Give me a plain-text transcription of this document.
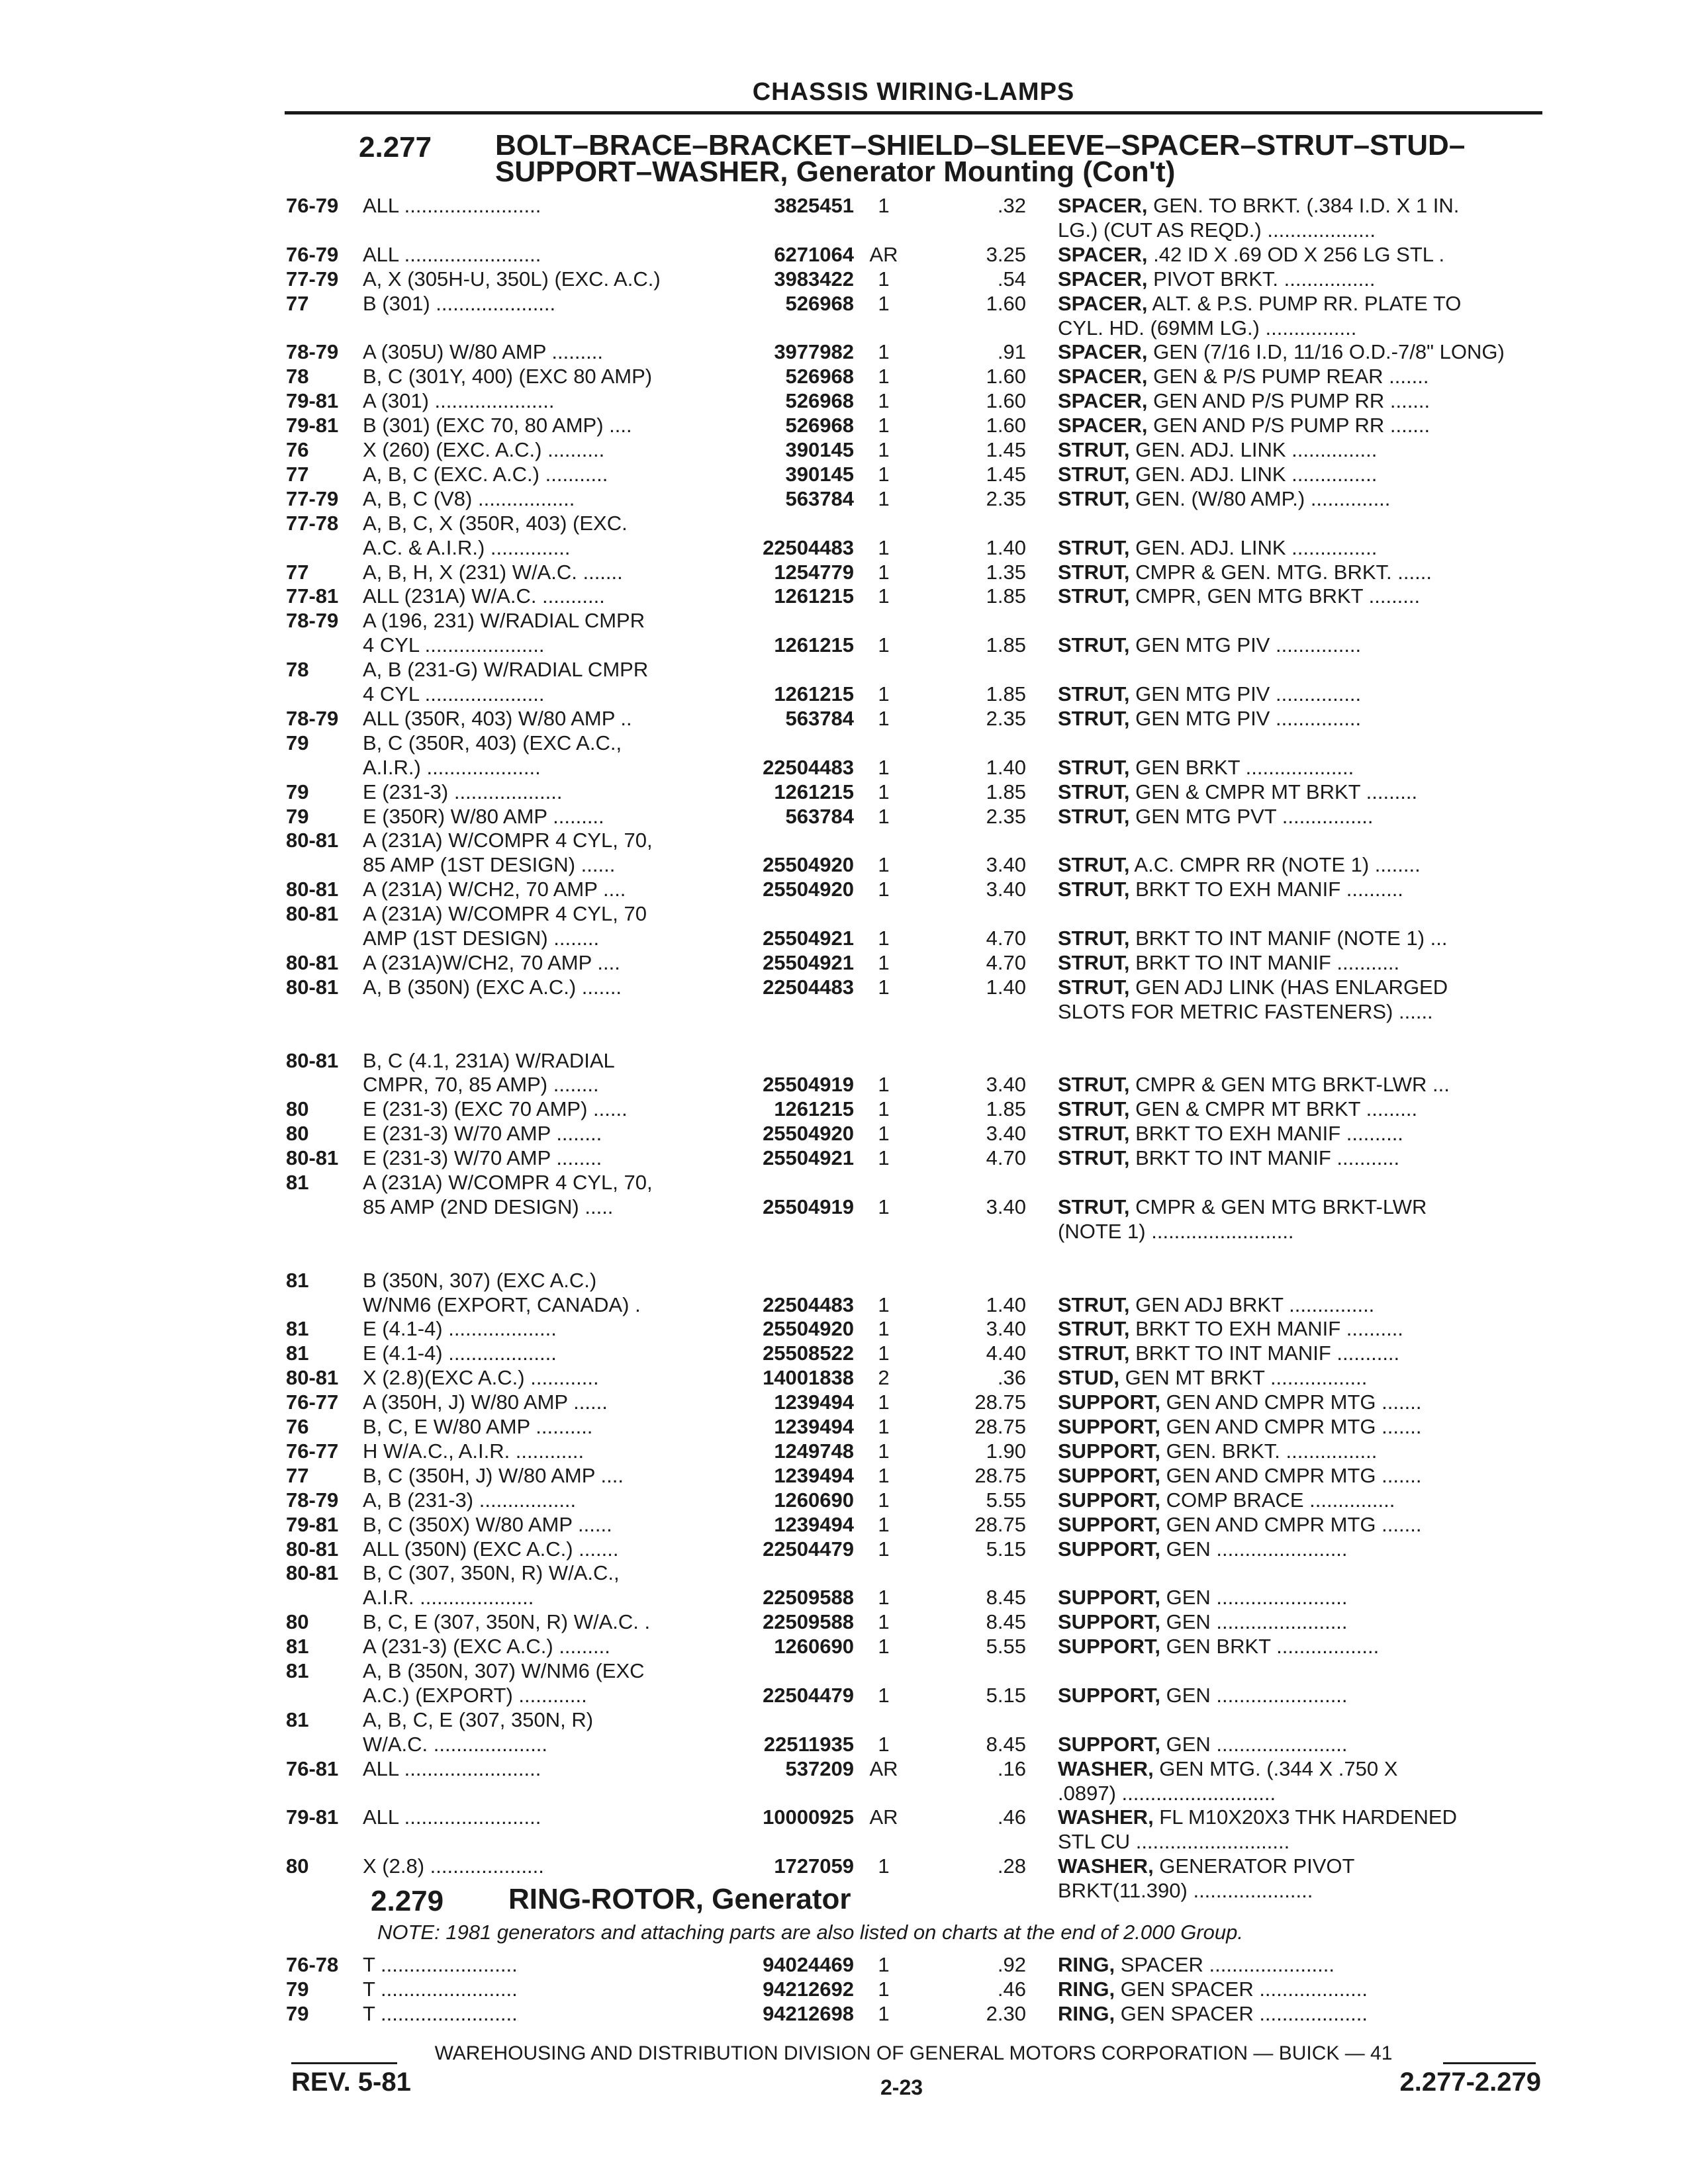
CHASSIS WIRING-LAMPS
2.277 BOLT–BRACE–BRACKET–SHIELD–SLEEVE–SPACER–STRUT–STUD–
SUPPORT–WASHER, Generator Mounting (Con't)
76-79 ALL ........................	3825451	1	.32 SPACER, GEN. TO BRKT. (.384 I.D. X 1 IN.
LG.) (CUT AS REQD.) ...................
76-79 ALL ........................	6271064 AR	3.25 SPACER, .42 ID X .69 OD X 256 LG STL .
77-79 A, X (305H-U, 350L) (EXC. A.C.)	3983422	1	.54 SPACER, PIVOT BRKT. ................
77	B (301) .....................	526968	1	1.60 SPACER, ALT. & P.S. PUMP RR. PLATE TO
CYL. HD. (69MM LG.) ................
78-79 A (305U) W/80 AMP .........	3977982	1	.91 SPACER, GEN (7/16 I.D, 11/16 O.D.-7/8" LONG)
78	B, C (301Y, 400) (EXC 80 AMP)	526968	1	1.60 SPACER, GEN & P/S PUMP REAR .......
79-81 A (301) .....................	526968	1	1.60 SPACER, GEN AND P/S PUMP RR .......
79-81 B (301) (EXC 70, 80 AMP) ....	526968	1	1.60 SPACER, GEN AND P/S PUMP RR .......
76	X (260) (EXC. A.C.) ..........	390145	1	1.45 STRUT, GEN. ADJ. LINK ...............
77	A, B, C (EXC. A.C.) ...........	390145	1	1.45 STRUT, GEN. ADJ. LINK ...............
77-79 A, B, C (V8) .................	563784	1	2.35 STRUT, GEN. (W/80 AMP.) ..............
77-78 A, B, C, X (350R, 403) (EXC.
A.C. & A.I.R.) ..............	22504483	1	1.40 STRUT, GEN. ADJ. LINK ...............
77	A, B, H, X (231) W/A.C. .......	1254779	1	1.35 STRUT, CMPR & GEN. MTG. BRKT. ......
77-81 ALL (231A) W/A.C. ...........	1261215	1	1.85 STRUT, CMPR, GEN MTG BRKT .........
78-79 A (196, 231) W/RADIAL CMPR
4 CYL .....................	1261215	1	1.85 STRUT, GEN MTG PIV ...............
78	A, B (231-G) W/RADIAL CMPR
4 CYL .....................	1261215	1	1.85 STRUT, GEN MTG PIV ...............
78-79 ALL (350R, 403) W/80 AMP ..	563784	1	2.35 STRUT, GEN MTG PIV ...............
79	B, C (350R, 403) (EXC A.C.,
A.I.R.) ....................	22504483	1	1.40 STRUT, GEN BRKT ...................
79	E (231-3) ...................	1261215	1	1.85 STRUT, GEN & CMPR MT BRKT .........
79	E (350R) W/80 AMP .........	563784	1	2.35 STRUT, GEN MTG PVT ................
80-81 A (231A) W/COMPR 4 CYL, 70,
85 AMP (1ST DESIGN) ......	25504920	1	3.40 STRUT, A.C. CMPR RR (NOTE 1) ........
80-81 A (231A) W/CH2, 70 AMP ....	25504920	1	3.40 STRUT, BRKT TO EXH MANIF ..........
80-81 A (231A) W/COMPR 4 CYL, 70
AMP (1ST DESIGN) ........	25504921	1	4.70 STRUT, BRKT TO INT MANIF (NOTE 1) ...
80-81 A (231A)W/CH2, 70 AMP ....	25504921	1	4.70 STRUT, BRKT TO INT MANIF ...........
80-81 A, B (350N) (EXC A.C.) .......	22504483	1	1.40 STRUT, GEN ADJ LINK (HAS ENLARGED
SLOTS FOR METRIC FASTENERS) ......
80-81 B, C (4.1, 231A) W/RADIAL
CMPR, 70, 85 AMP) ........	25504919	1	3.40 STRUT, CMPR & GEN MTG BRKT-LWR ...
80	E (231-3) (EXC 70 AMP) ......	1261215	1	1.85 STRUT, GEN & CMPR MT BRKT .........
80	E (231-3) W/70 AMP ........	25504920	1	3.40 STRUT, BRKT TO EXH MANIF ..........
80-81 E (231-3) W/70 AMP ........	25504921	1	4.70 STRUT, BRKT TO INT MANIF ...........
81	A (231A) W/COMPR 4 CYL, 70,
85 AMP (2ND DESIGN) .....	25504919	1	3.40 STRUT, CMPR & GEN MTG BRKT-LWR
(NOTE 1) .........................
81	B (350N, 307) (EXC A.C.)
W/NM6 (EXPORT, CANADA) .	22504483	1	1.40 STRUT, GEN ADJ BRKT ...............
81	E (4.1-4) ...................	25504920	1	3.40 STRUT, BRKT TO EXH MANIF ..........
81	E (4.1-4) ...................	25508522	1	4.40 STRUT, BRKT TO INT MANIF ...........
80-81 X (2.8)(EXC A.C.) ............	14001838	2	.36 STUD, GEN MT BRKT .................
76-77 A (350H, J) W/80 AMP ......	1239494	1	28.75 SUPPORT, GEN AND CMPR MTG .......
76	B, C, E W/80 AMP ..........	1239494	1	28.75 SUPPORT, GEN AND CMPR MTG .......
76-77 H W/A.C., A.I.R. ............	1249748	1	1.90 SUPPORT, GEN. BRKT. ................
77	B, C (350H, J) W/80 AMP ....	1239494	1	28.75 SUPPORT, GEN AND CMPR MTG .......
78-79 A, B (231-3) .................	1260690	1	5.55 SUPPORT, COMP BRACE ...............
79-81 B, C (350X) W/80 AMP ......	1239494	1	28.75 SUPPORT, GEN AND CMPR MTG .......
80-81 ALL (350N) (EXC A.C.) .......	22504479	1	5.15 SUPPORT, GEN .......................
80-81 B, C (307, 350N, R) W/A.C.,
A.I.R. ....................	22509588	1	8.45 SUPPORT, GEN .......................
80	B, C, E (307, 350N, R) W/A.C. .	22509588	1	8.45 SUPPORT, GEN .......................
81	A (231-3) (EXC A.C.) .........	1260690	1	5.55 SUPPORT, GEN BRKT ..................
81	A, B (350N, 307) W/NM6 (EXC
A.C.) (EXPORT) ............	22504479	1	5.15 SUPPORT, GEN .......................
81	A, B, C, E (307, 350N, R)
W/A.C. ....................	22511935	1	8.45 SUPPORT, GEN .......................
76-81 ALL ........................	537209 AR	.16 WASHER, GEN MTG. (.344 X .750 X
.0897) ...........................
79-81 ALL ........................	10000925 AR	.46 WASHER, FL M10X20X3 THK HARDENED
STL CU ...........................
80	X (2.8) ....................	1727059	1	.28 WASHER, GENERATOR PIVOT
BRKT(11.390) .....................
2.279 RING-ROTOR, Generator
NOTE: 1981 generators and attaching parts are also listed on charts at the end of 2.000 Group.
76-78 T ........................	94024469	1	.92 RING, SPACER ......................
79	T ........................	94212692	1	.46 RING, GEN SPACER ...................
79	T ........................	94212698	1	2.30 RING, GEN SPACER ...................
WAREHOUSING AND DISTRIBUTION DIVISION OF GENERAL MOTORS CORPORATION — BUICK — 41
REV. 5-81	2-23	2.277-2.279
